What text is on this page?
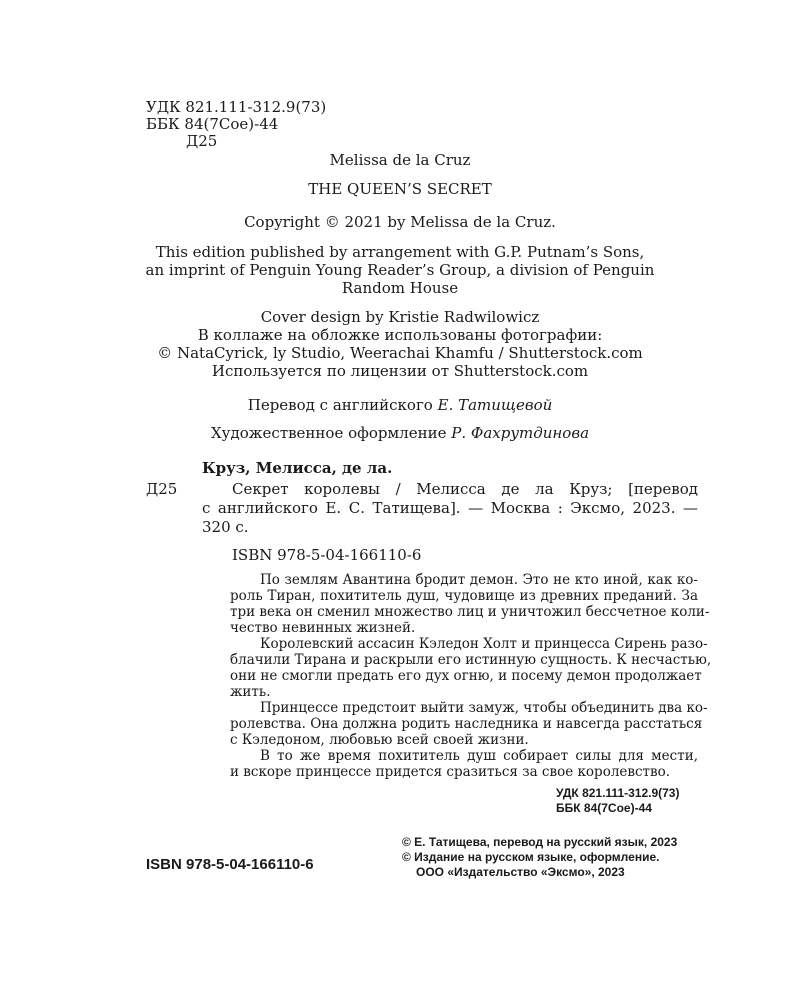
УДК 821.111-312.9(73)
ББК 84(7Сое)-44
Д25
Melissa de la Cruz
THE QUEEN’S SECRET
Copyright © 2021 by Melissa de la Cruz.
This edition published by arrangement with G.P. Putnam’s Sons,
an imprint of Penguin Young Reader’s Group, a division of Penguin
Random House
Cover design by Kristie Radwilowicz
В коллаже на обложке использованы фотографии:
© NataCyrick, ly Studio, Weerachai Khamfu / Shutterstock.com
Используется по лицензии от Shutterstock.com
Перевод с английского Е. Татищевой
Художественное оформление Р. Фахрутдинова
Круз, Мелисса, де ла.
Д25	Секрет королевы / Мелисса де ла Круз; [перевод
с английского Е. С. Татищева]. — Москва : Эксмо, 2023. —
320 с.
ISBN 978-5-04-166110-6
По землям Авантина бродит демон. Это не кто иной, как ко-
роль Тиран, похититель душ, чудовище из древних преданий. За
три века он сменил множество лиц и уничтожил бессчетное коли-
чество невинных жизней.
Королевский ассасин Кэледон Холт и принцесса Сирень разо-
блачили Тирана и раскрыли его истинную сущность. К несчастью,
они не смогли предать его дух огню, и посему демон продолжает
жить.
Принцессе предстоит выйти замуж, чтобы объединить два ко-
ролевства. Она должна родить наследника и навсегда расстаться
с Кэледоном, любовью всей своей жизни.
В то же время похититель душ собирает силы для мести,
и вскоре принцессе придется сразиться за свое королевство.
УДК 821.111-312.9(73)
ББК 84(7Сое)-44
ISBN 978-5-04-166110-6
© Е. Татищева, перевод на русский язык, 2023
© Издание на русском языке, оформление.
ООО «Издательство «Эксмо», 2023
